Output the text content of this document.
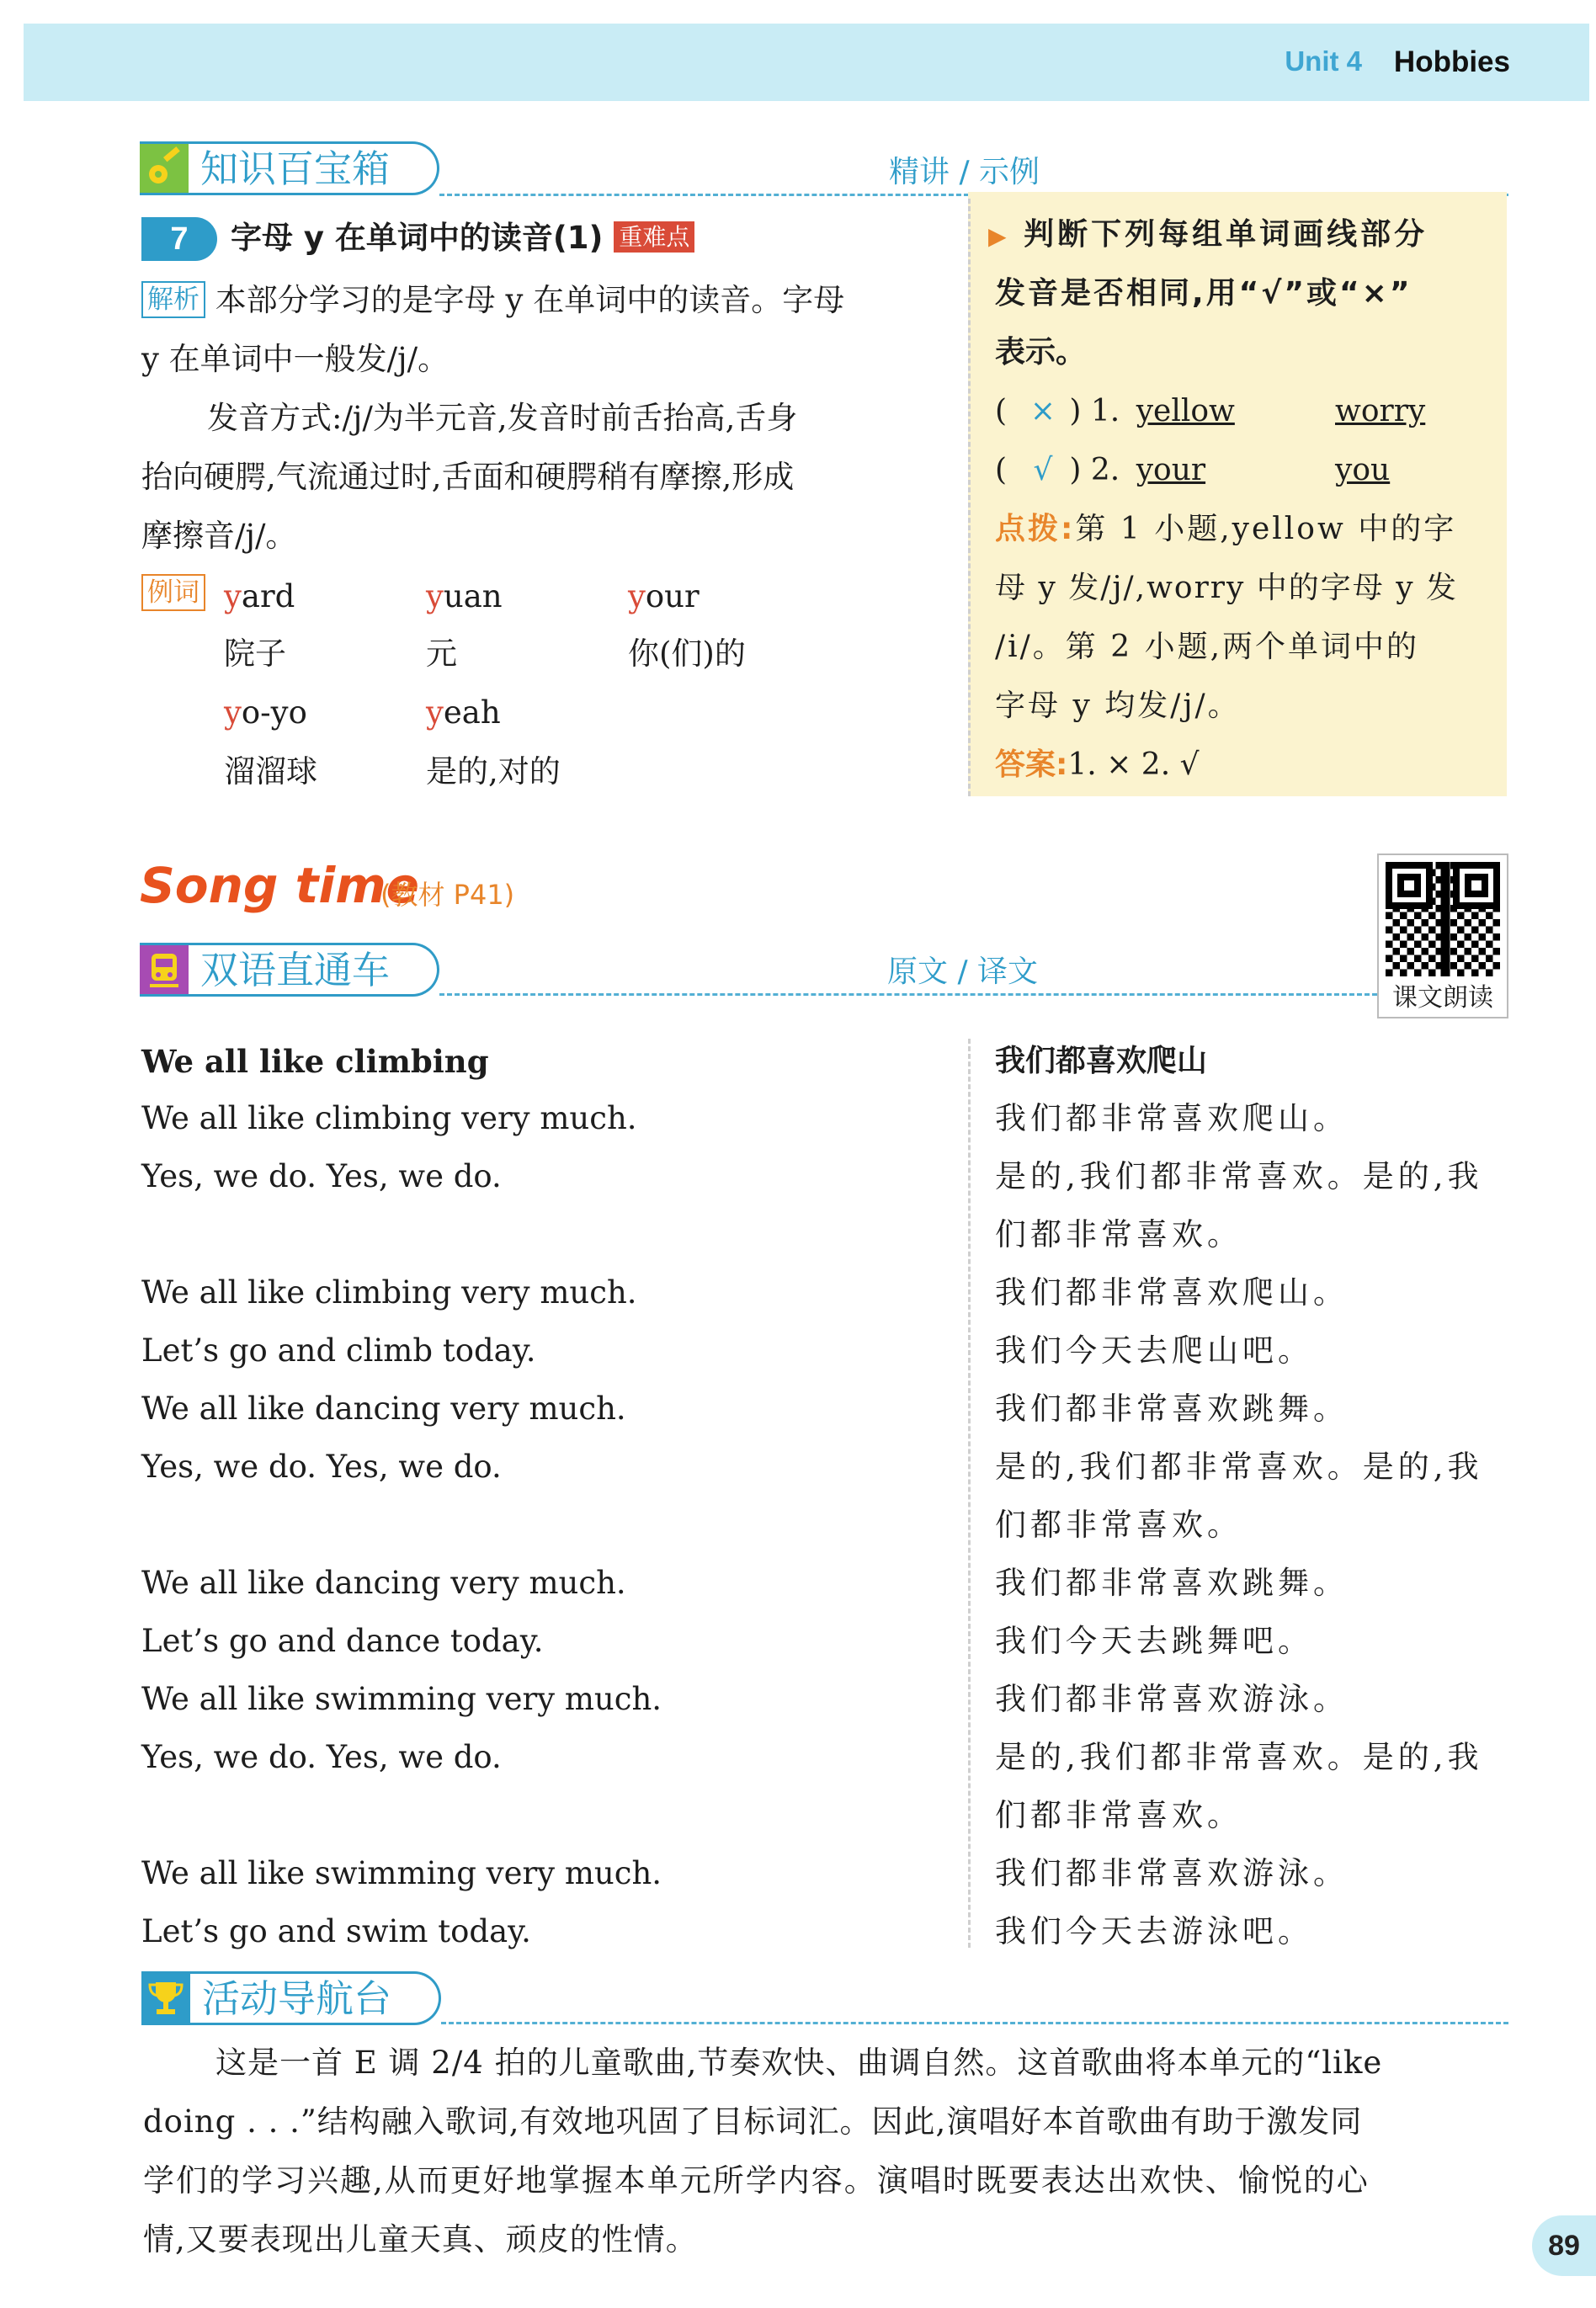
Unit 4 Hobbies
知识百宝箱	精讲 / 示例
7	字母 y 在单词中的读音(1) 重难点
解析 本部分学习的是字母 y 在单词中的读音。字母
y 在单词中一般发/j/。
发音方式:/j/为半元音,发音时前舌抬高,舌身
抬向硬腭,气流通过时,舌面和硬腭稍有摩擦,形成
摩擦音/j/。
例词 yard	yuan	your
院子	元	你(们)的
yo-yo	yeah
溜溜球	是的,对的
▶ 判断下列每组单词画线部分
发音是否相同,用“√”或“×”
表示。
(  × ) 1. yellow	worry
(  √ ) 2. your	you
点拨:第 1 小题,yellow 中的字
母 y 发/j/,worry 中的字母 y 发
/i/。第 2 小题,两个单词中的
字母 y 均发/j/。
答案:1. × 2. √
Song time
(教材 P41)
课文朗读
双语直通车	原文 / 译文
We all like climbing	我们都喜欢爬山
We all like climbing very much.
Yes, we do. Yes, we do.
We all like climbing very much.
Let’s go and climb today.
We all like dancing very much.
Yes, we do. Yes, we do.
We all like dancing very much.
Let’s go and dance today.
We all like swimming very much.
Yes, we do. Yes, we do.
We all like swimming very much.
Let’s go and swim today.
我们都非常喜欢爬山。
是的,我们都非常喜欢。是的,我
们都非常喜欢。
我们都非常喜欢爬山。
我们今天去爬山吧。
我们都非常喜欢跳舞。
是的,我们都非常喜欢。是的,我
们都非常喜欢。
我们都非常喜欢跳舞。
我们今天去跳舞吧。
我们都非常喜欢游泳。
是的,我们都非常喜欢。是的,我
们都非常喜欢。
我们都非常喜欢游泳。
我们今天去游泳吧。
活动导航台
这是一首 E 调 2/4 拍的儿童歌曲,节奏欢快、曲调自然。这首歌曲将本单元的“like
doing . . .”结构融入歌词,有效地巩固了目标词汇。因此,演唱好本首歌曲有助于激发同
学们的学习兴趣,从而更好地掌握本单元所学内容。演唱时既要表达出欢快、愉悦的心
情,又要表现出儿童天真、顽皮的性情。	89
